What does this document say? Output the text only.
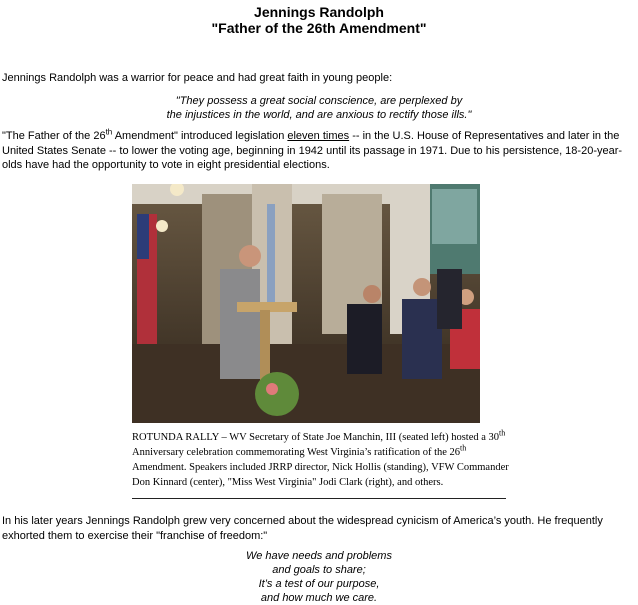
Jennings Randolph
"Father of the 26th Amendment"
Jennings Randolph was a warrior for peace and had great faith in young people:
"They possess a great social conscience, are perplexed by
the injustices in the world, and are anxious to rectify those ills."
"The Father of the 26th Amendment" introduced legislation eleven times -- in the U.S. House of Representatives and later in the United States Senate -- to lower the voting age, beginning in 1942 until its passage in 1971. Due to his persistence, 18-20-year-olds have had the opportunity to vote in eight presidential elections.
ROTUNDA RALLY – WV Secretary of State Joe Manchin, III (seated left) hosted a 30th Anniversary celebration commemorating West Virginia’s ratification of the 26th Amendment. Speakers included JRRP director, Nick Hollis (standing), VFW Commander Don Kinnard (center), "Miss West Virginia" Jodi Clark (right), and others.
In his later years Jennings Randolph grew very concerned about the widespread cynicism of America’s youth. He frequently exhorted them to exercise their "franchise of freedom:"
We have needs and problems
and goals to share;
It’s a test of our purpose,
and how much we care.
